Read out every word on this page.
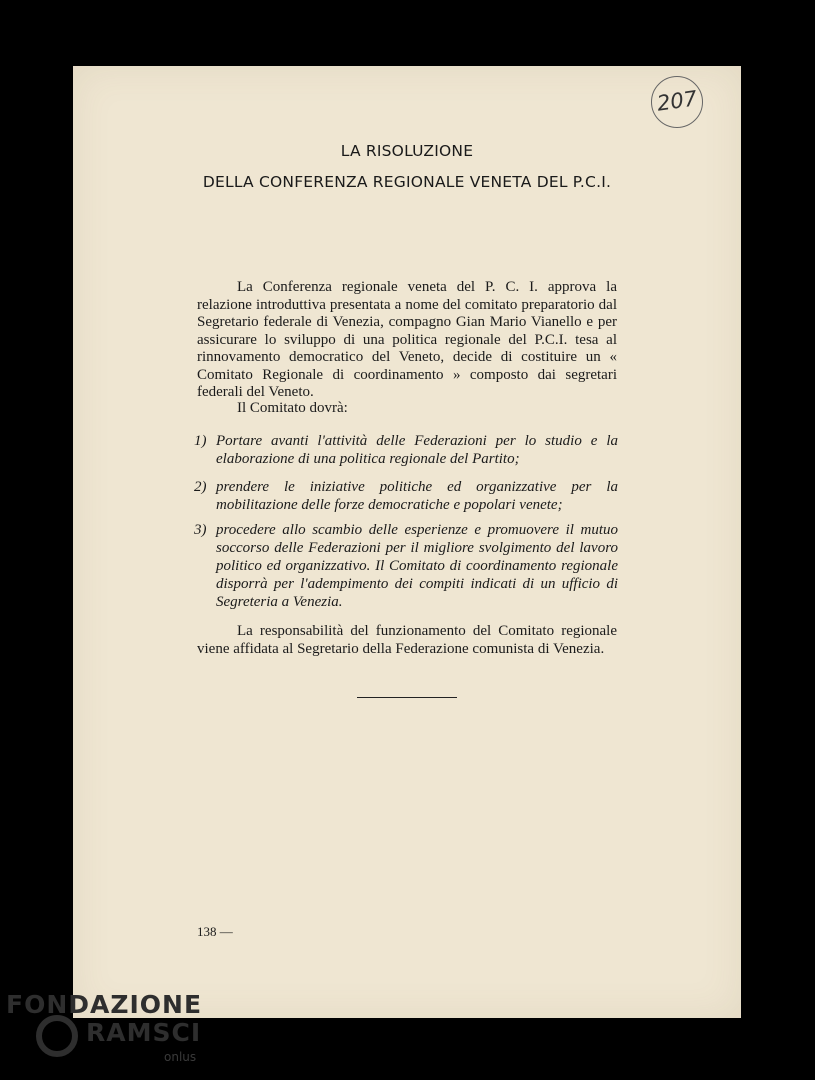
207
LA RISOLUZIONE
DELLA CONFERENZA REGIONALE VENETA DEL P.C.I.
La Conferenza regionale veneta del P. C. I. approva la relazione introduttiva presentata a nome del comitato preparatorio dal Segretario federale di Venezia, compagno Gian Mario Vianello e per assicurare lo sviluppo di una politica regionale del P.C.I. tesa al rinnovamento democratico del Veneto, decide di costituire un « Comitato Regionale di coordinamento » composto dai segretari federali del Veneto.
Il Comitato dovrà:
1) Portare avanti l'attività delle Federazioni per lo studio e la elaborazione di una politica regionale del Partito;
2) prendere le iniziative politiche ed organizzative per la mobilitazione delle forze democratiche e popolari venete;
3) procedere allo scambio delle esperienze e promuovere il mutuo soccorso delle Federazioni per il migliore svolgimento del lavoro politico ed organizzativo. Il Comitato di coordinamento regionale disporrà per l'adempimento dei compiti indicati di un ufficio di Segreteria a Venezia.
La responsabilità del funzionamento del Comitato regionale viene affidata al Segretario della Federazione comunista di Venezia.
138 —
FONDAZIONE
RAMSCI
onlus
